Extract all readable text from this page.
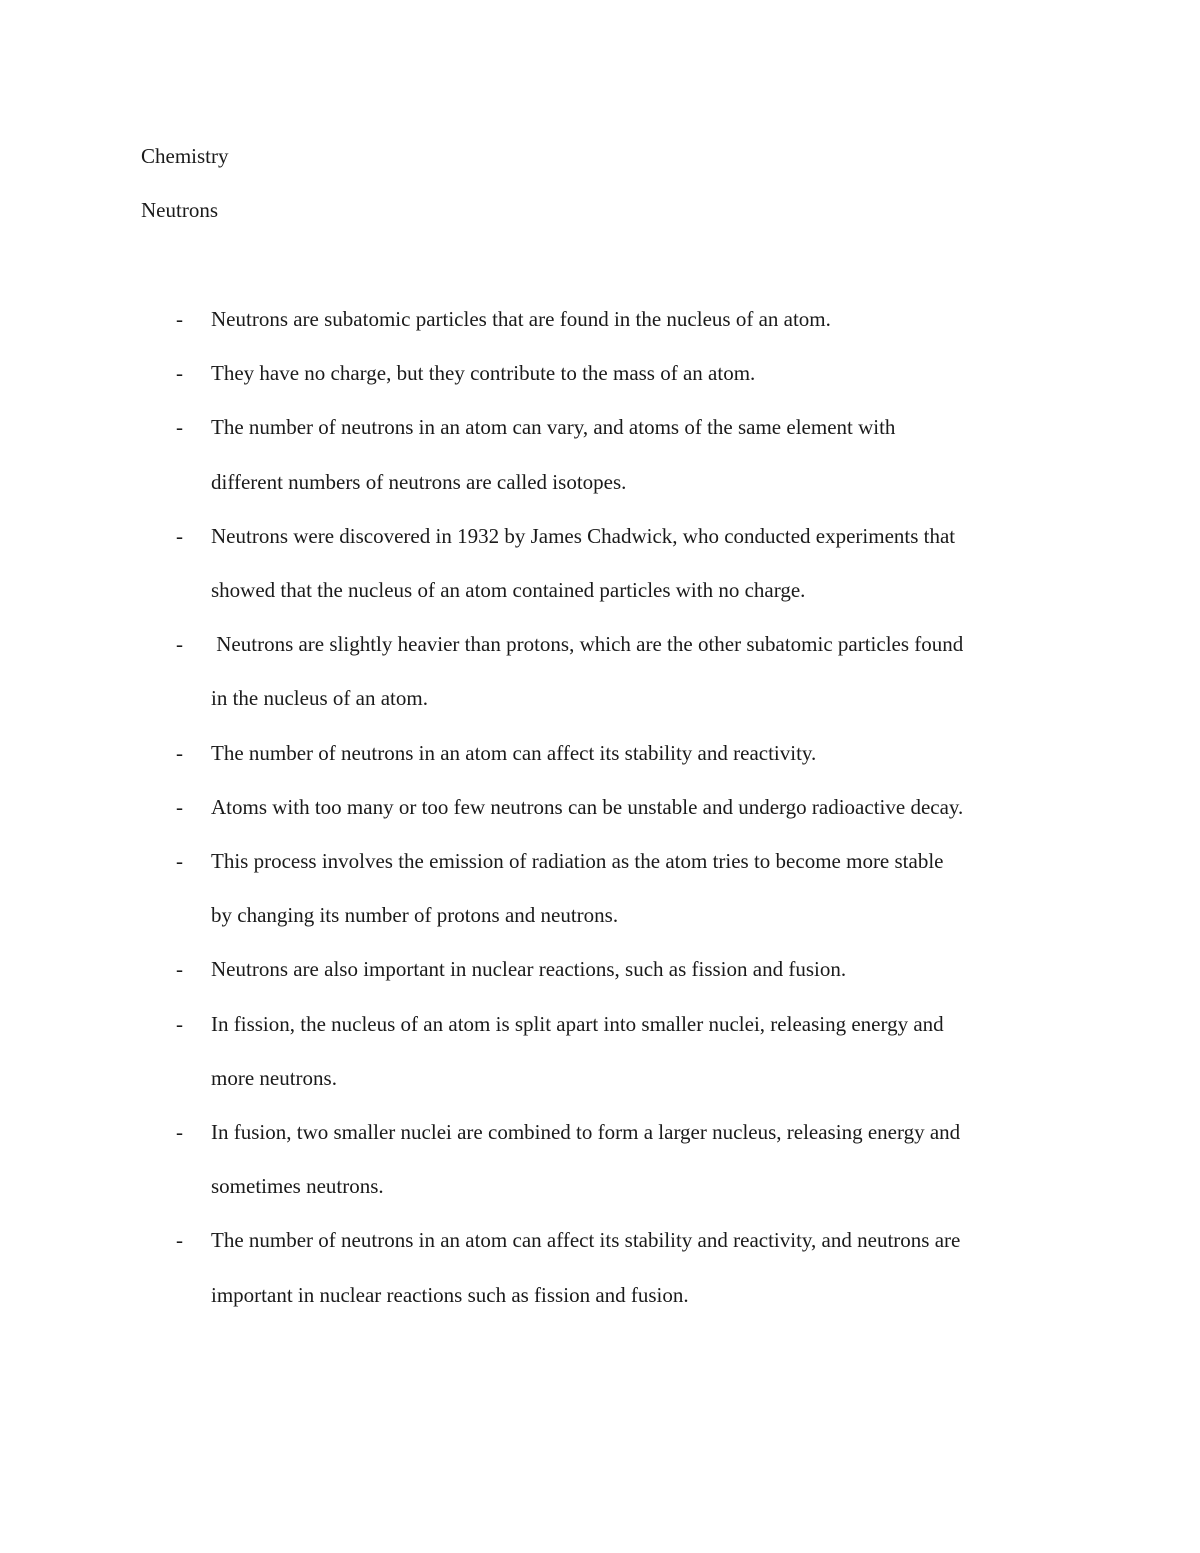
Chemistry
Neutrons
- Neutrons are subatomic particles that are found in the nucleus of an atom.
- They have no charge, but they contribute to the mass of an atom.
- The number of neutrons in an atom can vary, and atoms of the same element with
different numbers of neutrons are called isotopes.
- Neutrons were discovered in 1932 by James Chadwick, who conducted experiments that
showed that the nucleus of an atom contained particles with no charge.
- Neutrons are slightly heavier than protons, which are the other subatomic particles found
in the nucleus of an atom.
- The number of neutrons in an atom can affect its stability and reactivity.
- Atoms with too many or too few neutrons can be unstable and undergo radioactive decay.
- This process involves the emission of radiation as the atom tries to become more stable
by changing its number of protons and neutrons.
- Neutrons are also important in nuclear reactions, such as fission and fusion.
- In fission, the nucleus of an atom is split apart into smaller nuclei, releasing energy and
more neutrons.
- In fusion, two smaller nuclei are combined to form a larger nucleus, releasing energy and
sometimes neutrons.
- The number of neutrons in an atom can affect its stability and reactivity, and neutrons are
important in nuclear reactions such as fission and fusion.
